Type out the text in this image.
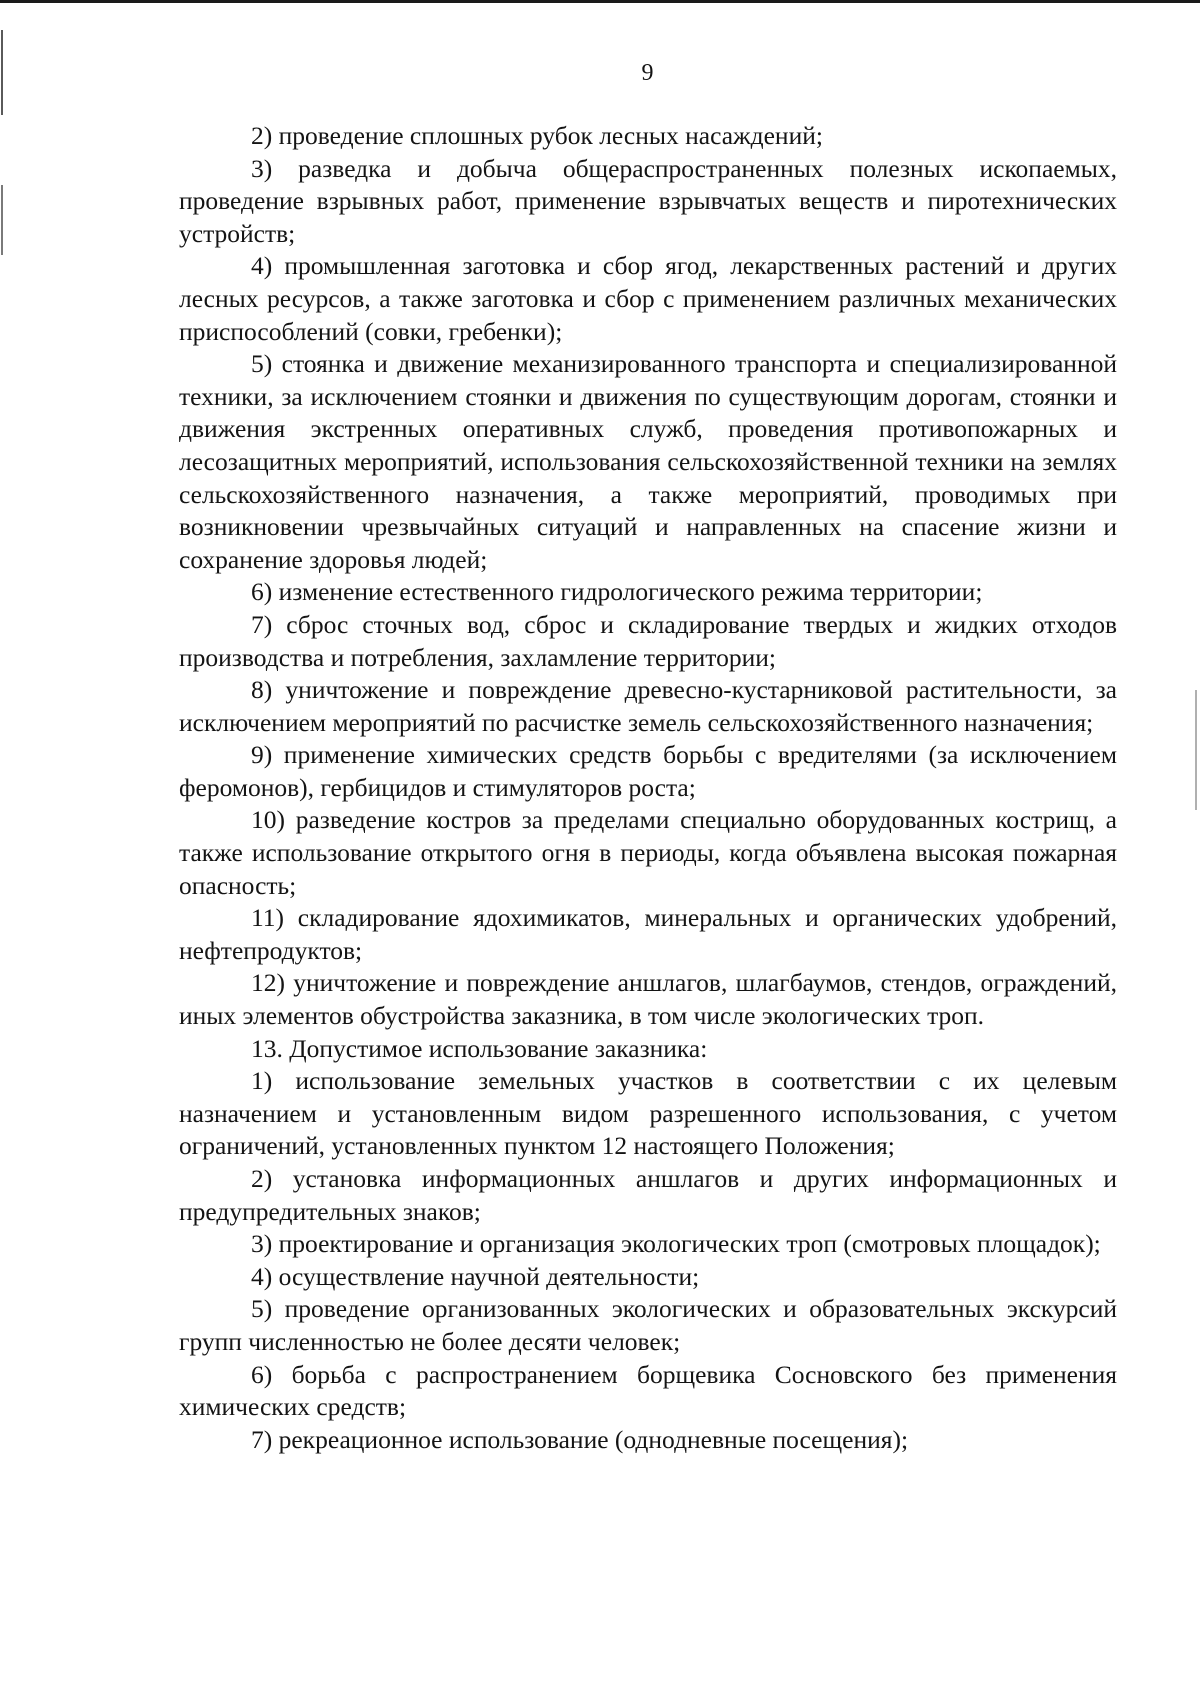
9

2) проведение сплошных рубок лесных насаждений;

3) разведка и добыча общераспространенных полезных ископаемых, проведение взрывных работ, применение взрывчатых веществ и пиротехнических устройств;

4) промышленная заготовка и сбор ягод, лекарственных растений и других лесных ресурсов, а также заготовка и сбор с применением различных механических приспособлений (совки, гребенки);

5) стоянка и движение механизированного транспорта и специализированной техники, за исключением стоянки и движения по существующим дорогам, стоянки и движения экстренных оперативных служб, проведения противопожарных и лесозащитных мероприятий, использования сельскохозяйственной техники на землях сельскохозяйственного назначения, а также мероприятий, проводимых при возникновении чрезвычайных ситуаций и направленных на спасение жизни и сохранение здоровья людей;

6) изменение естественного гидрологического режима территории;

7) сброс сточных вод, сброс и складирование твердых и жидких отходов производства и потребления, захламление территории;

8) уничтожение и повреждение древесно-кустарниковой растительности, за исключением мероприятий по расчистке земель сельскохозяйственного назначения;

9) применение химических средств борьбы с вредителями (за исключением феромонов), гербицидов и стимуляторов роста;

10) разведение костров за пределами специально оборудованных кострищ, а также использование открытого огня в периоды, когда объявлена высокая пожарная опасность;

11) складирование ядохимикатов, минеральных и органических удобрений, нефтепродуктов;

12) уничтожение и повреждение аншлагов, шлагбаумов, стендов, ограждений, иных элементов обустройства заказника, в том числе экологических троп.

13. Допустимое использование заказника:

1) использование земельных участков в соответствии с их целевым назначением и установленным видом разрешенного использования, с учетом ограничений, установленных пунктом 12 настоящего Положения;

2) установка информационных аншлагов и других информационных и предупредительных знаков;

3) проектирование и организация экологических троп (смотровых площадок);

4) осуществление научной деятельности;

5) проведение организованных экологических и образовательных экскурсий групп численностью не более десяти человек;

6) борьба с распространением борщевика Сосновского без применения химических средств;

7) рекреационное использование (однодневные посещения);
